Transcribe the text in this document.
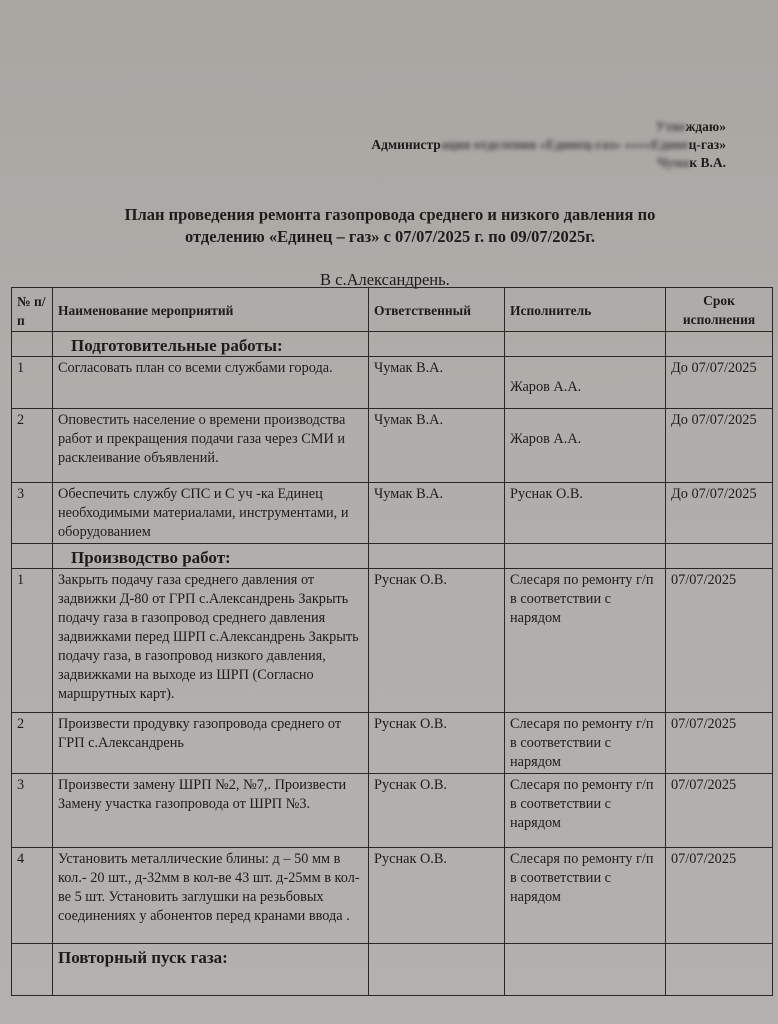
Утвеждаю»
Администрация отделения «Единец-газ» ««««Единец-газ»
Чумак В.А.
План проведения ремонта газопровода среднего и низкого давления по
отделению «Единец – газ» с 07/07/2025 г. по 09/07/2025г.
В с.Александрень.
№ п/п	Наименование мероприятий	Ответственный	Исполнитель	Срок исполнения
	Подготовительные работы:			
1	Согласовать план со всеми службами города.	Чумак В.А.	Жаров А.А.	До 07/07/2025
2	Оповестить население о времени производства работ и прекращения подачи газа через СМИ и расклеивание объявлений.	Чумак В.А.	Жаров А.А.	До 07/07/2025
3	Обеспечить службу СПС и С уч -ка Единец необходимыми материалами, инструментами, и оборудованием	Чумак В.А.	Руснак О.В.	До 07/07/2025
	Производство работ:			
1	Закрыть подачу газа среднего давления от задвижки Д-80 от ГРП с.Александрень Закрыть подачу газа в газопровод среднего давления задвижками перед ШРП с.Александрень Закрыть подачу газа, в газопровод низкого давления, задвижками на выходе из ШРП (Согласно маршрутных карт).	Руснак О.В.	Слесаря по ремонту г/п в соответствии с нарядом	07/07/2025
2	Произвести продувку газопровода среднего от ГРП с.Александрень	Руснак О.В.	Слесаря по ремонту г/п в соответствии с нарядом	07/07/2025
3	Произвести замену ШРП №2, №7,. Произвести Замену участка газопровода от ШРП №3.	Руснак О.В.	Слесаря по ремонту г/п в соответствии с нарядом	07/07/2025
4	Установить металлические блины: д – 50 мм в кол.- 20 шт., д-32мм в кол-ве 43 шт. д-25мм в кол-ве 5 шт. Установить заглушки на резьбовых соединениях у абонентов перед кранами ввода .	Руснак О.В.	Слесаря по ремонту г/п в соответствии с нарядом	07/07/2025
	Повторный пуск газа:			
